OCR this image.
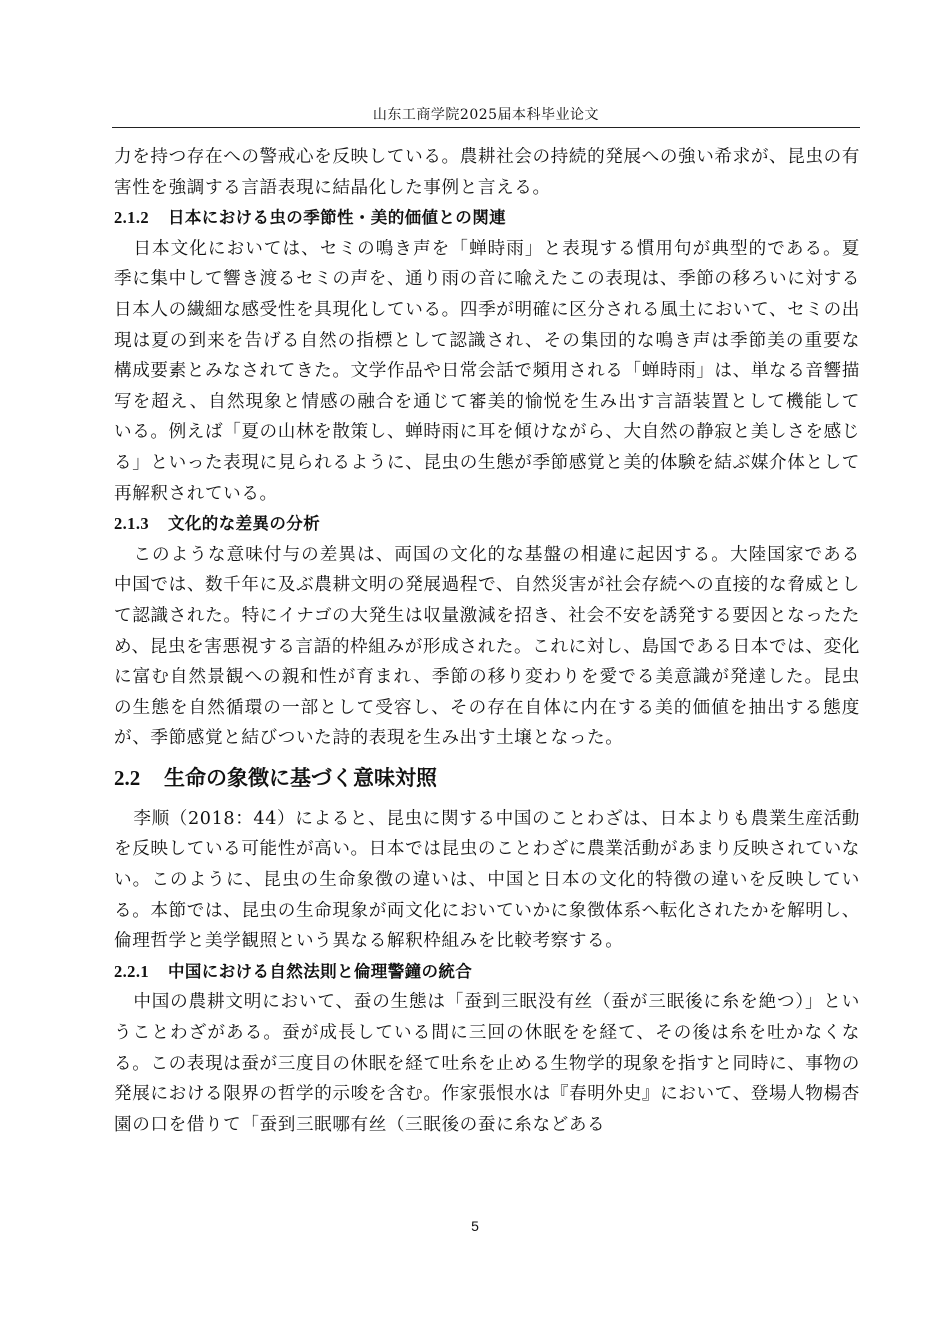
山东工商学院2025届本科毕业论文

力を持つ存在への警戒心を反映している。農耕社会の持続的発展への強い希求が、昆虫の有害性を強調する言語表現に結晶化した事例と言える。

2.1.2 日本における虫の季節性・美的価値との関連

日本文化においては、セミの鳴き声を「蝉時雨」と表現する慣用句が典型的である。夏季に集中して響き渡るセミの声を、通り雨の音に喩えたこの表現は、季節の移ろいに対する日本人の繊細な感受性を具現化している。四季が明確に区分される風土において、セミの出現は夏の到来を告げる自然の指標として認識され、その集団的な鳴き声は季節美の重要な構成要素とみなされてきた。文学作品や日常会話で頻用される「蝉時雨」は、単なる音響描写を超え、自然現象と情感の融合を通じて審美的愉悦を生み出す言語装置として機能している。例えば「夏の山林を散策し、蝉時雨に耳を傾けながら、大自然の静寂と美しさを感じる」といった表現に見られるように、昆虫の生態が季節感覚と美的体験を結ぶ媒介体として再解釈されている。

2.1.3 文化的な差異の分析

このような意味付与の差異は、両国の文化的な基盤の相違に起因する。大陸国家である中国では、数千年に及ぶ農耕文明の発展過程で、自然災害が社会存続への直接的な脅威として認識された。特にイナゴの大発生は収量激減を招き、社会不安を誘発する要因となったため、昆虫を害悪視する言語的枠組みが形成された。これに対し、島国である日本では、変化に富む自然景観への親和性が育まれ、季節の移り変わりを愛でる美意識が発達した。昆虫の生態を自然循環の一部として受容し、その存在自体に内在する美的価値を抽出する態度が、季節感覚と結びついた詩的表現を生み出す土壌となった。

2.2 生命の象徴に基づく意味対照

李顺（2018：44）によると、昆虫に関する中国のことわざは、日本よりも農業生産活動を反映している可能性が高い。日本では昆虫のことわざに農業活動があまり反映されていない。このように、昆虫の生命象徴の違いは、中国と日本の文化的特徴の違いを反映している。本節では、昆虫の生命現象が両文化においていかに象徴体系へ転化されたかを解明し、倫理哲学と美学観照という異なる解釈枠組みを比較考察する。

2.2.1 中国における自然法則と倫理警鐘の統合

中国の農耕文明において、蚕の生態は「蚕到三眠没有丝（蚕が三眠後に糸を絶つ）」ということわざがある。蚕が成長している間に三回の休眠をを経て、その後は糸を吐かなくなる。この表現は蚕が三度目の休眠を経て吐糸を止める生物学的現象を指すと同時に、事物の発展における限界の哲学的示唆を含む。作家張恨水は『春明外史』において、登場人物楊杏園の口を借りて「蚕到三眠哪有丝（三眠後の蚕に糸などある

5
